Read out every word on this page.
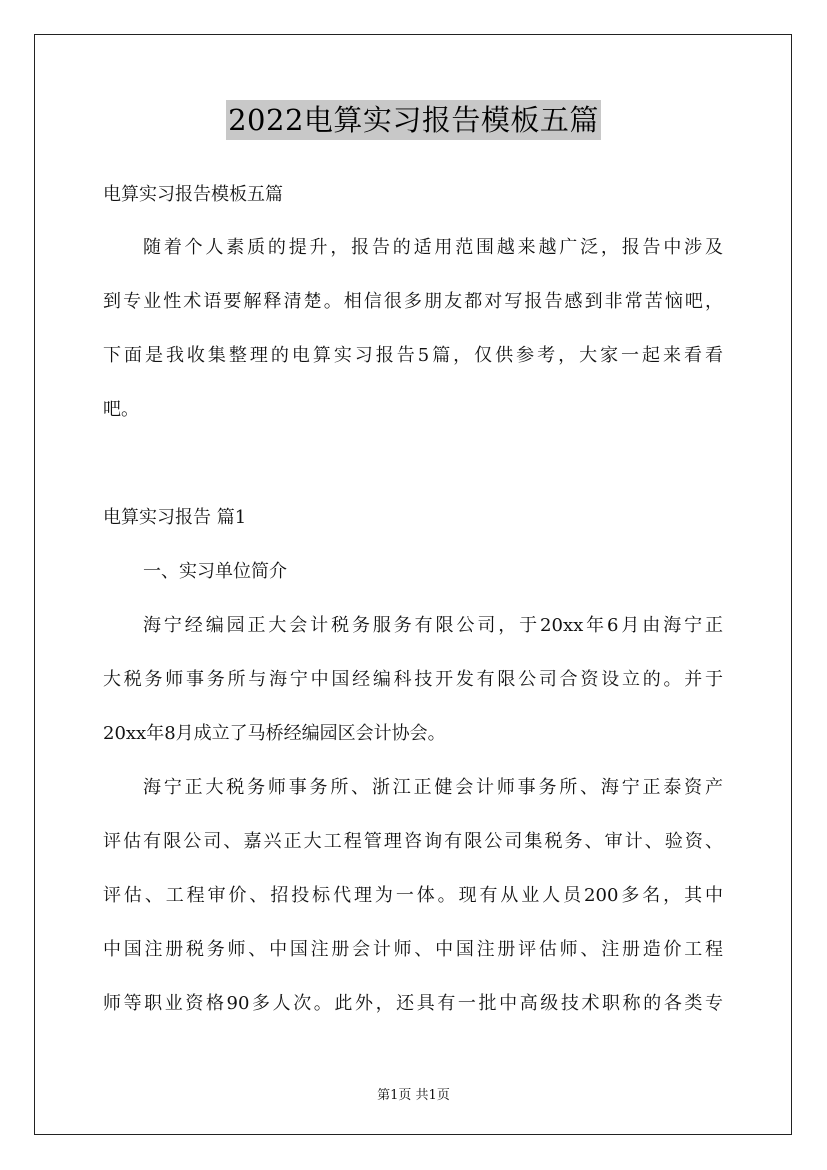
2022电算实习报告模板五篇
电算实习报告模板五篇
随着个人素质的提升，报告的适用范围越来越广泛，报告中涉及
到专业性术语要解释清楚。相信很多朋友都对写报告感到非常苦恼吧，
下面是我收集整理的电算实习报告5篇，仅供参考，大家一起来看看
吧。
电算实习报告 篇1
一、实习单位简介
海宁经编园正大会计税务服务有限公司，于20xx年6月由海宁正
大税务师事务所与海宁中国经编科技开发有限公司合资设立的。并于
20xx年8月成立了马桥经编园区会计协会。
海宁正大税务师事务所、浙江正健会计师事务所、海宁正泰资产
评估有限公司、嘉兴正大工程管理咨询有限公司集税务、审计、验资、
评估、工程审价、招投标代理为一体。现有从业人员200多名，其中
中国注册税务师、中国注册会计师、中国注册评估师、注册造价工程
师等职业资格90多人次。此外，还具有一批中高级技术职称的各类专
第1页 共1页
